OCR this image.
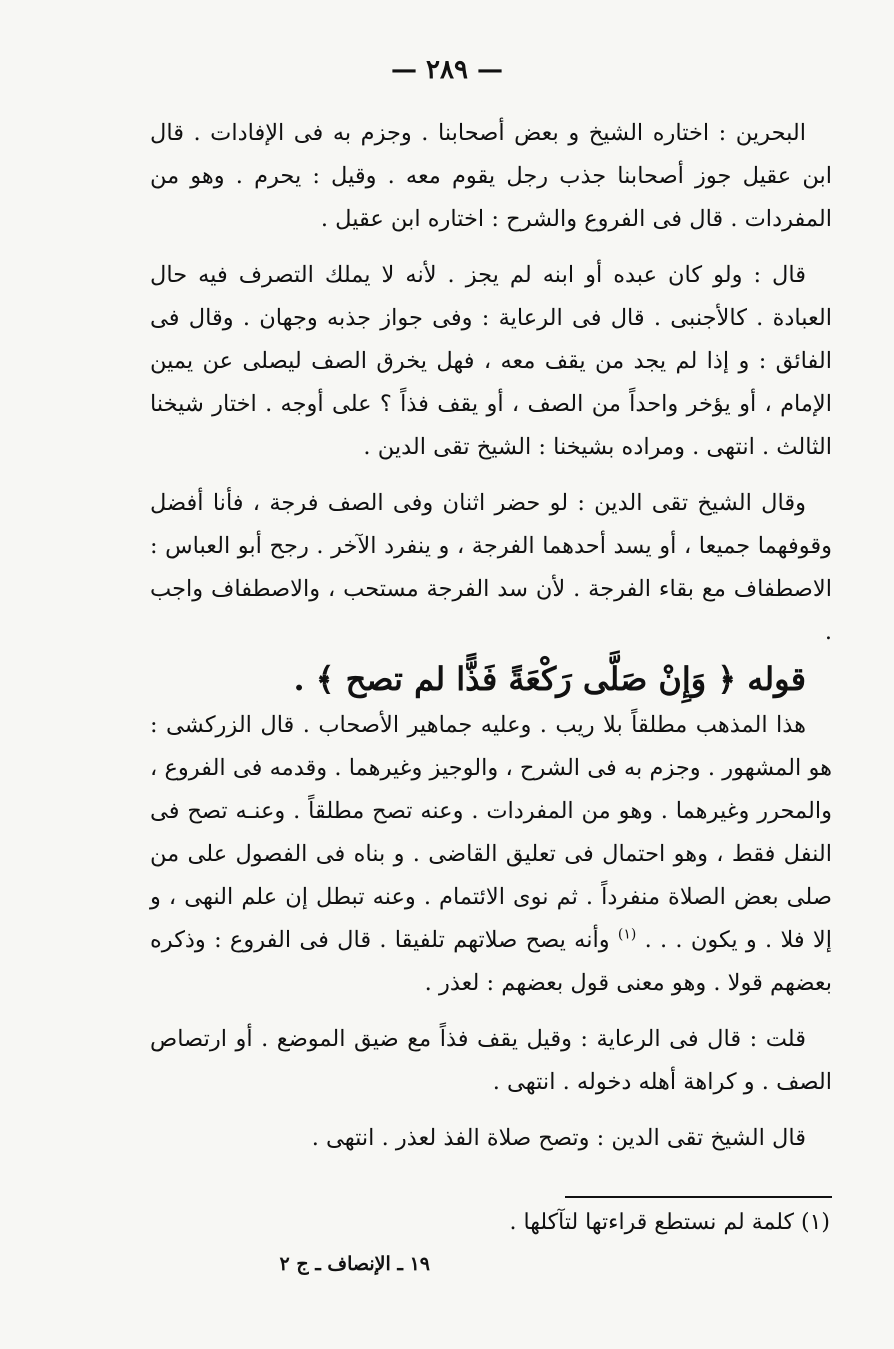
— ٢٨٩ —

البحرين : اختاره الشيخ و بعض أصحابنا . وجزم به فى الإفادات . قال ابن عقيل جوز أصحابنا جذب رجل يقوم معه . وقيل : يحرم . وهو من المفردات . قال فى الفروع والشرح : اختاره ابن عقيل .

قال : ولو كان عبده أو ابنه لم يجز . لأنه لا يملك التصرف فيه حال العبادة . كالأجنبى . قال فى الرعاية : وفى جواز جذبه وجهان . وقال فى الفائق : و إذا لم يجد من يقف معه ، فهل يخرق الصف ليصلى عن يمين الإمام ، أو يؤخر واحداً من الصف ، أو يقف فذاً ؟ على أوجه . اختار شيخنا الثالث . انتهى . ومراده بشيخنا : الشيخ تقى الدين .

وقال الشيخ تقى الدين : لو حضر اثنان وفى الصف فرجة ، فأنا أفضل وقوفهما جميعا ، أو يسد أحدهما الفرجة ، و ينفرد الآخر . رجح أبو العباس : الاصطفاف مع بقاء الفرجة . لأن سد الفرجة مستحب ، والاصطفاف واجب .

قوله ﴿ وَإِنْ صَلَّى رَكْعَةً فَذًّا لم تصح ﴾ .

هذا المذهب مطلقاً بلا ريب . وعليه جماهير الأصحاب . قال الزركشى : هو المشهور . وجزم به فى الشرح ، والوجيز وغيرهما . وقدمه فى الفروع ، والمحرر وغيرهما . وهو من المفردات . وعنه تصح مطلقاً . وعنـه تصح فى النفل فقط ، وهو احتمال فى تعليق القاضى . و بناه فى الفصول على من صلى بعض الصلاة منفرداً . ثم نوى الائتمام . وعنه تبطل إن علم النهى ، و إلا فلا . و يكون . . . $^{(١)}$ وأنه يصح صلاتهم تلفيقا . قال فى الفروع : وذكره بعضهم قولا . وهو معنى قول بعضهم : لعذر .

قلت : قال فى الرعاية : وقيل يقف فذاً مع ضيق الموضع . أو ارتصاص الصف . و كراهة أهله دخوله . انتهى .

قال الشيخ تقى الدين : وتصح صلاة الفذ لعذر . انتهى .

(١) كلمة لم نستطع قراءتها لتآكلها .
١٩ ـ الإنصاف ـ ج ٢
